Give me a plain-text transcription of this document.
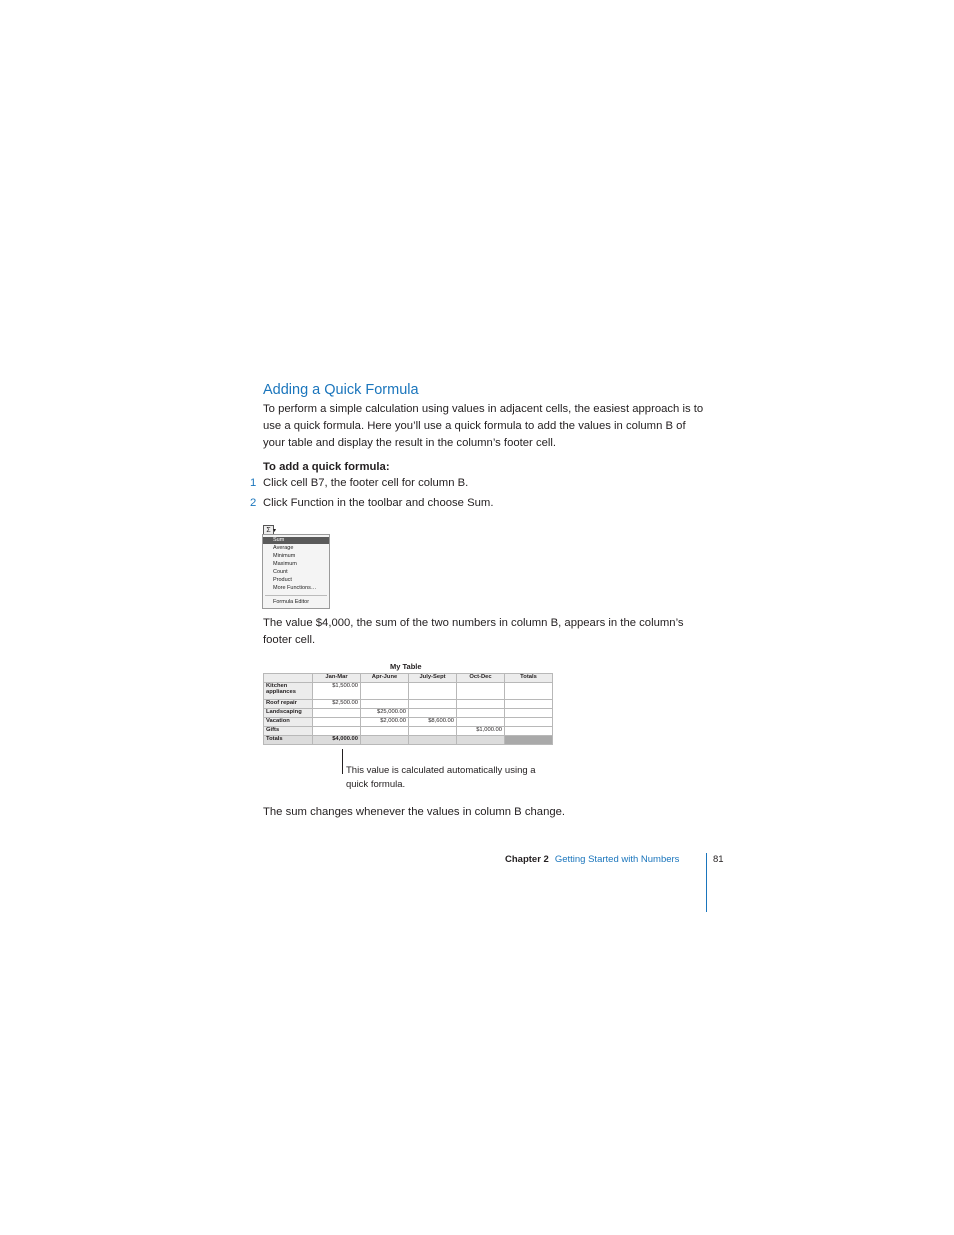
Adding a Quick Formula
To perform a simple calculation using values in adjacent cells, the easiest approach is to use a quick formula. Here you’ll use a quick formula to add the values in column B of your table and display the result in the column’s footer cell.
To add a quick formula:
1 Click cell B7, the footer cell for column B.
2 Click Function in the toolbar and choose Sum.
Σ ▾
Sum
Average
Minimum
Maximum
Count
Product
More Functions…
Formula Editor
The value $4,000, the sum of the two numbers in column B, appears in the column’s footer cell.
My Table
	Jan-Mar	Apr-June	July-Sept	Oct-Dec	Totals
Kitchen appliances	$1,500.00				
Roof repair	$2,500.00				
Landscaping		$25,000.00			
Vacation		$2,000.00	$8,600.00		
Gifts				$1,000.00	
Totals	$4,000.00				
This value is calculated automatically using a quick formula.
The sum changes whenever the values in column B change.
Chapter 2 Getting Started with Numbers	81
